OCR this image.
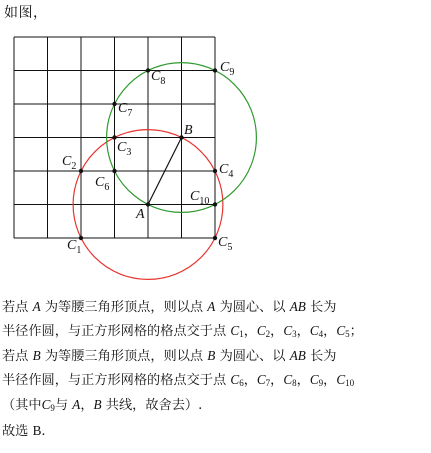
如图，
A
B
$C_1$
$C_2$
$C_3$
$C_4$
$C_5$
$C_6$
$C_7$
$C_8$
$C_9$
$C_{10}$
若点 A 为等腰三角形顶点，则以点 A 为圆心、以 AB 长为
半径作圆，与正方形网格的格点交于点 C1，C2，C3，C4，C5；
若点 B 为等腰三角形顶点，则以点 B 为圆心、以 AB 长为
半径作圆，与正方形网格的格点交于点 C6，C7，C8，C9，C10
（其中C9与 A，B 共线，故舍去）.
故选 B.
